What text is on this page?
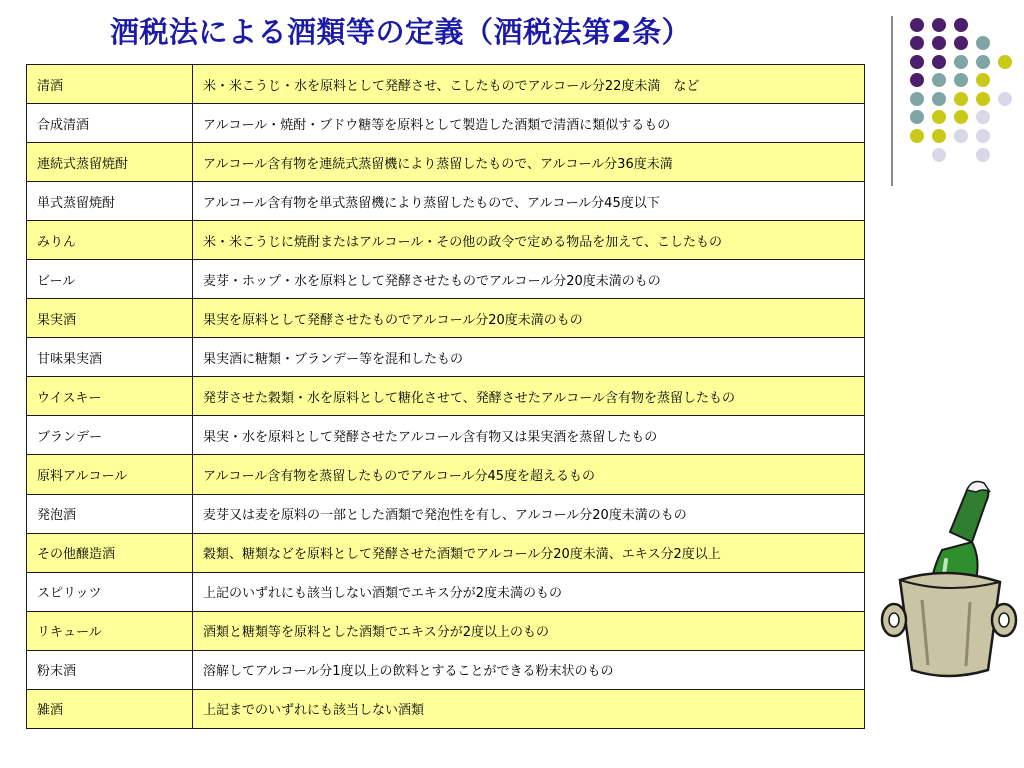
酒税法による酒類等の定義（酒税法第2条）
清酒	米・米こうじ・水を原料として発酵させ、こしたものでアルコール分22度未満　など
合成清酒	アルコール・焼酎・ブドウ糖等を原料として製造した酒類で清酒に類似するもの
連続式蒸留焼酎	アルコール含有物を連続式蒸留機により蒸留したもので、アルコール分36度未満
単式蒸留焼酎	アルコール含有物を単式蒸留機により蒸留したもので、アルコール分45度以下
みりん	米・米こうじに焼酎またはアルコール・その他の政令で定める物品を加えて、こしたもの
ビール	麦芽・ホップ・水を原料として発酵させたものでアルコール分20度未満のもの
果実酒	果実を原料として発酵させたものでアルコール分20度未満のもの
甘味果実酒	果実酒に糖類・ブランデー等を混和したもの
ウイスキー	発芽させた穀類・水を原料として糖化させて、発酵させたアルコール含有物を蒸留したもの
ブランデー	果実・水を原料として発酵させたアルコール含有物又は果実酒を蒸留したもの
原料アルコール	アルコール含有物を蒸留したものでアルコール分45度を超えるもの
発泡酒	麦芽又は麦を原料の一部とした酒類で発泡性を有し、アルコール分20度未満のもの
その他醸造酒	穀類、糖類などを原料として発酵させた酒類でアルコール分20度未満、エキス分2度以上
スピリッツ	上記のいずれにも該当しない酒類でエキス分が2度未満のもの
リキュール	酒類と糖類等を原料とした酒類でエキス分が2度以上のもの
粉末酒	溶解してアルコール分1度以上の飲料とすることができる粉末状のもの
雑酒	上記までのいずれにも該当しない酒類
